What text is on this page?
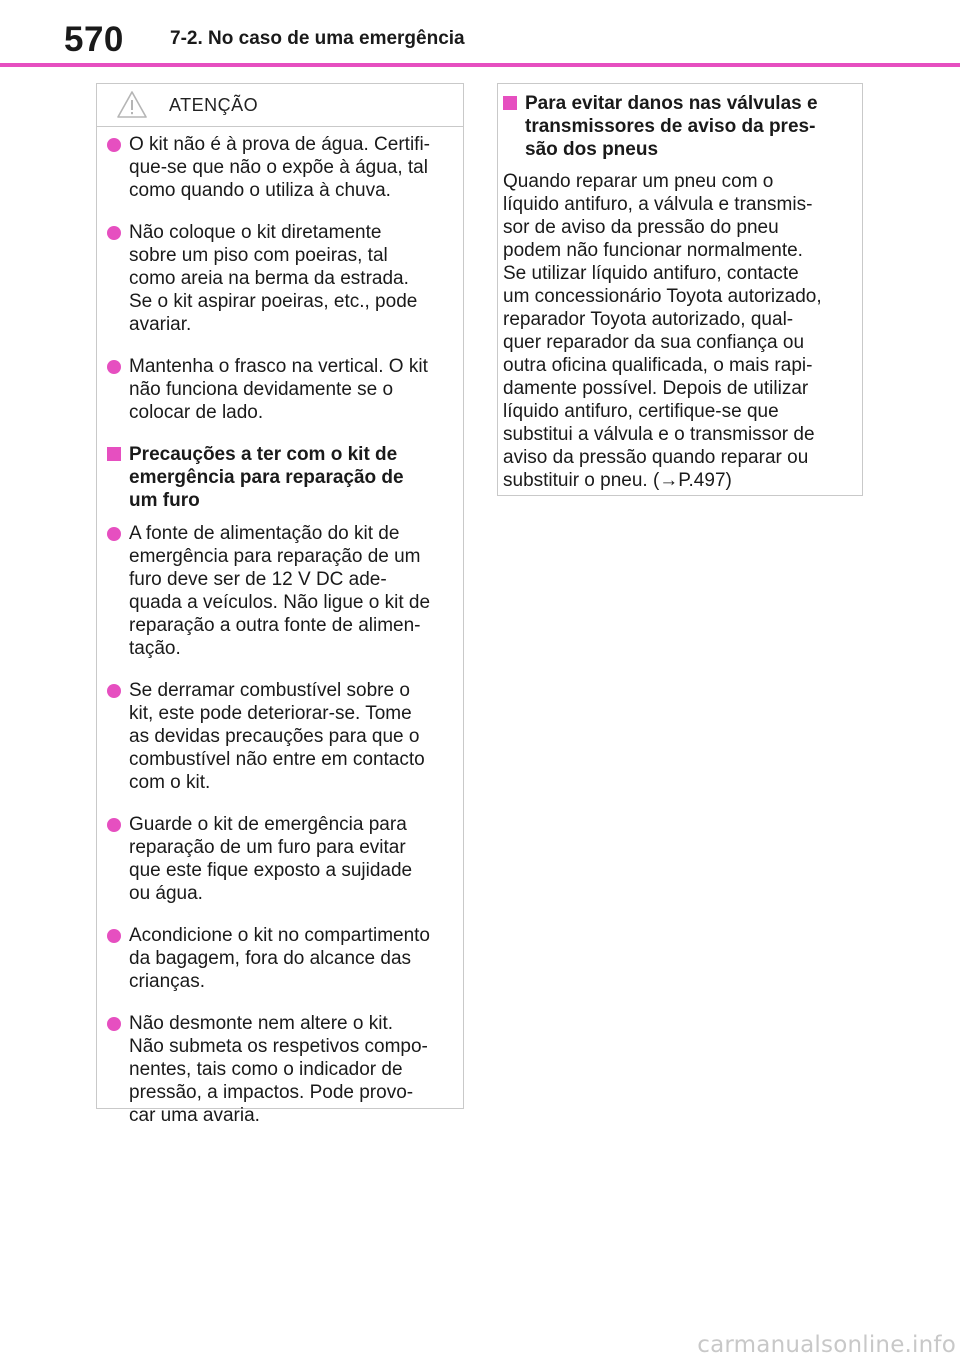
570 7-2. No caso de uma emergência
ATENÇÃO
O kit não é à prova de água. Certifi-
que-se que não o expõe à água, tal
como quando o utiliza à chuva.
Não coloque o kit diretamente
sobre um piso com poeiras, tal
como areia na berma da estrada.
Se o kit aspirar poeiras, etc., pode
avariar.
Mantenha o frasco na vertical. O kit
não funciona devidamente se o
colocar de lado.
Precauções a ter com o kit de
emergência para reparação de
um furo
A fonte de alimentação do kit de
emergência para reparação de um
furo deve ser de 12 V DC ade-
quada a veículos. Não ligue o kit de
reparação a outra fonte de alimen-
tação.
Se derramar combustível sobre o
kit, este pode deteriorar-se. Tome
as devidas precauções para que o
combustível não entre em contacto
com o kit.
Guarde o kit de emergência para
reparação de um furo para evitar
que este fique exposto a sujidade
ou água.
Acondicione o kit no compartimento
da bagagem, fora do alcance das
crianças.
Não desmonte nem altere o kit.
Não submeta os respetivos compo-
nentes, tais como o indicador de
pressão, a impactos. Pode provo-
car uma avaria.
Para evitar danos nas válvulas e
transmissores de aviso da pres-
são dos pneus

Quando reparar um pneu com o
líquido antifuro, a válvula e transmis-
sor de aviso da pressão do pneu
podem não funcionar normalmente.
Se utilizar líquido antifuro, contacte
um concessionário Toyota autorizado,
reparador Toyota autorizado, qual-
quer reparador da sua confiança ou
outra oficina qualificada, o mais rapi-
damente possível. Depois de utilizar
líquido antifuro, certifique-se que
substitui a válvula e o transmissor de
aviso da pressão quando reparar ou
substituir o pneu. (→P.497)

carmanualsonline.info
